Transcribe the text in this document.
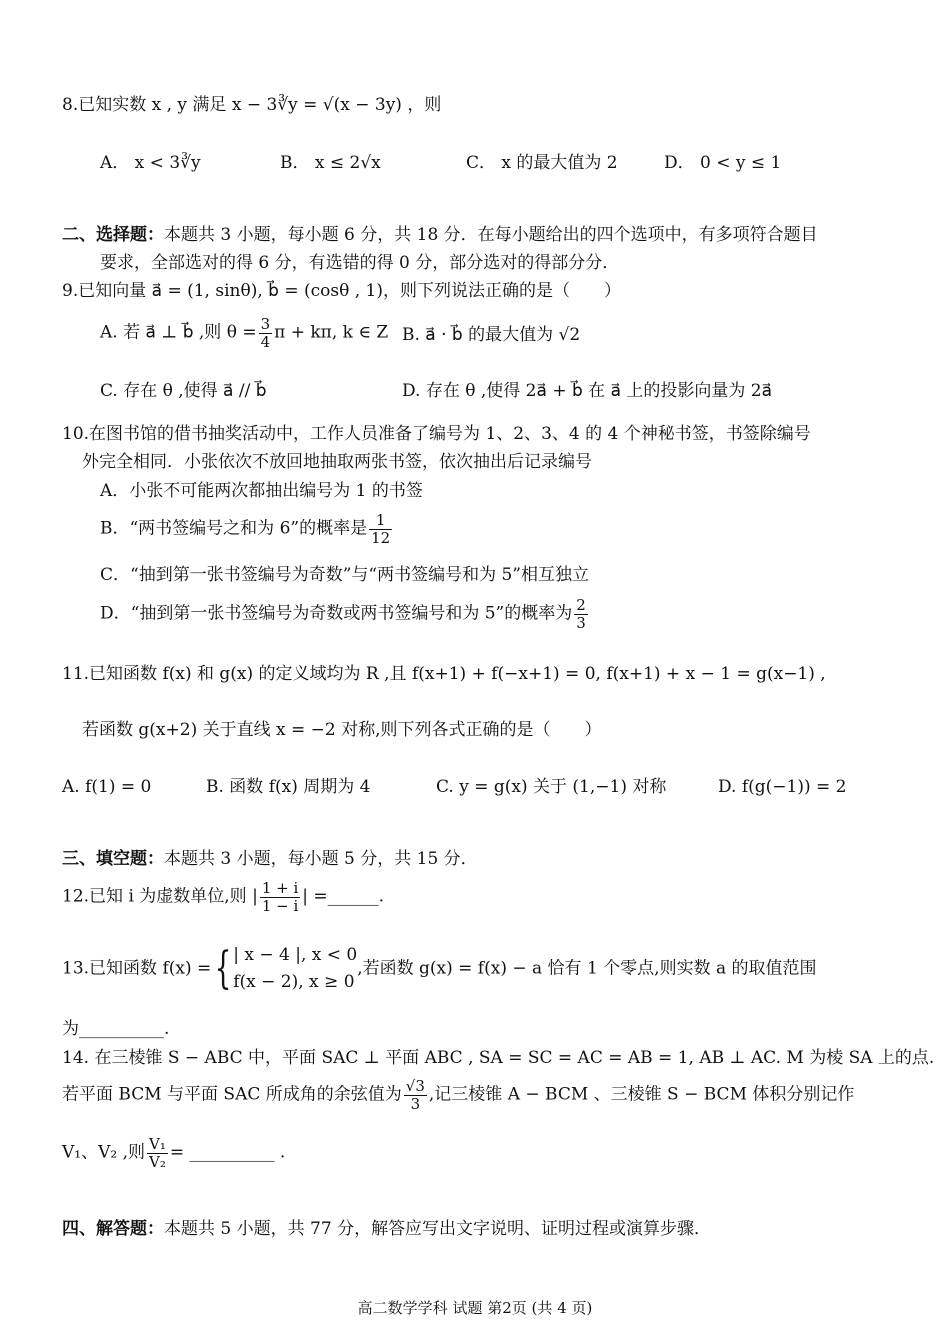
8.已知实数 x , y 满足 x − 3∛y = √(x − 3y) ，则
A． x < 3∛y	B． x ≤ 2√x	C． x 的最大值为 2	D． 0 < y ≤ 1
二、选择题：本题共 3 小题，每小题 6 分，共 18 分．在每小题给出的四个选项中，有多项符合题目
要求，全部选对的得 6 分，有选错的得 0 分，部分选对的得部分分．
9.已知向量 a⃗ = (1, sinθ), b⃗ = (cosθ , 1)，则下列说法正确的是（　　）
A. 若 a⃗ ⊥ b⃗ ,则 $\theta = \frac{3}{4}$ π + kπ, k ∈ Z B. a⃗ · b⃗ 的最大值为 √2
C. 存在 θ ,使得 a⃗ // b⃗	D. 存在 θ ,使得 2a⃗ + b⃗ 在 a⃗ 上的投影向量为 2a⃗
10.在图书馆的借书抽奖活动中，工作人员准备了编号为 1、2、3、4 的 4 个神秘书签，书签除编号
外完全相同．小张依次不放回地抽取两张书签，依次抽出后记录编号
A．小张不可能两次都抽出编号为 1 的书签
B．“两书签编号之和为 6”的概率是 $\frac{1}{12}$
C．“抽到第一张书签编号为奇数”与“两书签编号和为 5”相互独立
D．“抽到第一张书签编号为奇数或两书签编号和为 5”的概率为 $\frac{2}{3}$
11.已知函数 f(x) 和 g(x) 的定义域均为 R ,且 f(x+1) + f(−x+1) = 0, f(x+1) + x − 1 = g(x−1) ,
若函数 g(x+2) 关于直线 x = −2 对称,则下列各式正确的是（　　）
A. f(1) = 0	B. 函数 f(x) 周期为 4	C. y = g(x) 关于 (1,−1) 对称	D. f(g(−1)) = 2
三、填空题：本题共 3 小题，每小题 5 分，共 15 分．
12.已知 i 为虚数单位,则 | $\frac{1 + i}{1 - i}$ | =______.
13.已知函数 f(x) ={ | x − 4 |, x < 0
f(x − 2), x ≥ 0
,若函数 g(x) = f(x) − a 恰有 1 个零点,则实数 a 的取值范围
为__________.
14. 在三棱锥 S − ABC 中，平面 SAC ⊥ 平面 ABC , SA = SC = AC = AB = 1, AB ⊥ AC. M 为棱 SA 上的点.
若平面 BCM 与平面 SAC 所成角的余弦值为 $\frac{√3}{3}$ ,记三棱锥 A − BCM 、三棱锥 S − BCM 体积分别记作
V₁、V₂ ,则 $\frac{\text{V₁}}{\text{V₂}}$ = __________ .
四、解答题：本题共 5 小题，共 77 分，解答应写出文字说明、证明过程或演算步骤．
高二数学学科 试题 第2页 (共 4 页)
